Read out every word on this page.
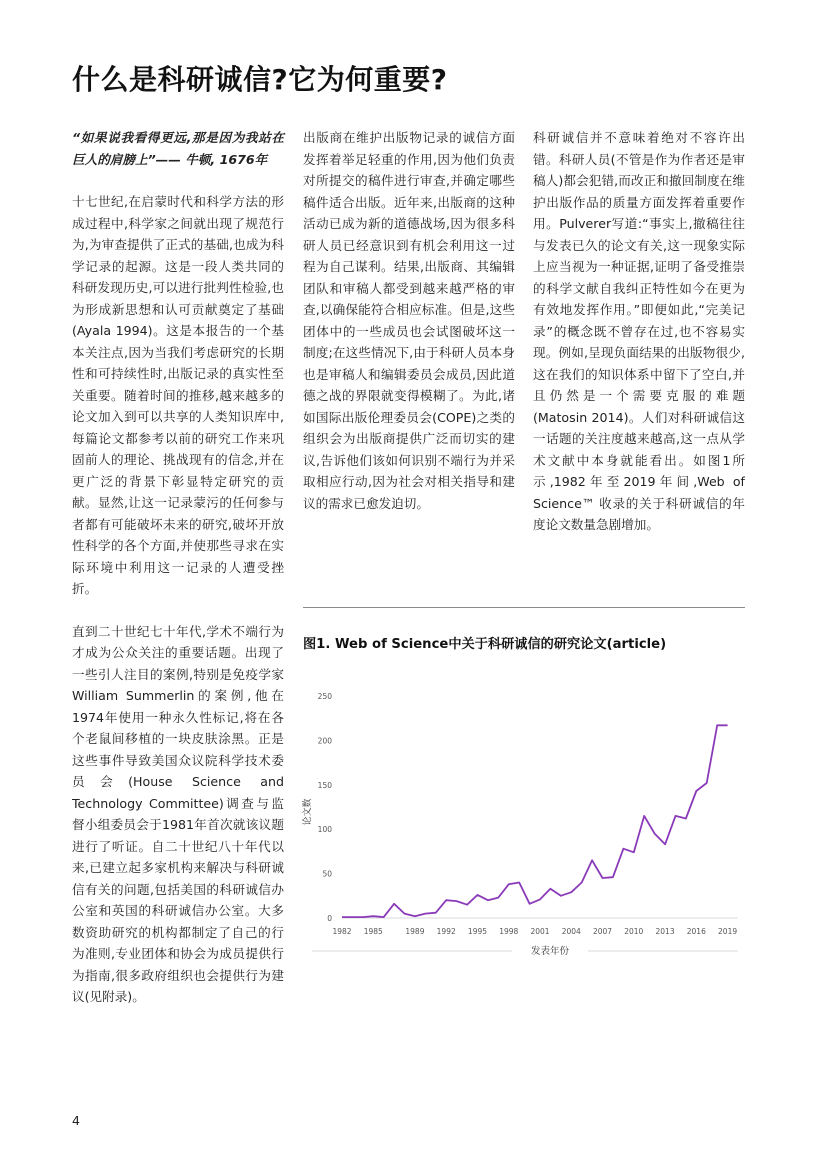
什么是科研诚信?它为何重要?

“如果说我看得更远,那是因为我站在巨人的肩膀上”—— 牛顿, 1676年

十七世纪,在启蒙时代和科学方法的形成过程中,科学家之间就出现了规范行为,为审查提供了正式的基础,也成为科学记录的起源。这是一段人类共同的科研发现历史,可以进行批判性检验,也为形成新思想和认可贡献奠定了基础(Ayala 1994)。这是本报告的一个基本关注点,因为当我们考虑研究的长期性和可持续性时,出版记录的真实性至关重要。随着时间的推移,越来越多的论文加入到可以共享的人类知识库中,每篇论文都参考以前的研究工作来巩固前人的理论、挑战现有的信念,并在更广泛的背景下彰显特定研究的贡献。显然,让这一记录蒙污的任何参与者都有可能破坏未来的研究,破坏开放性科学的各个方面,并使那些寻求在实际环境中利用这一记录的人遭受挫折。

直到二十世纪七十年代,学术不端行为才成为公众关注的重要话题。出现了一些引人注目的案例,特别是免疫学家William Summerlin的案例,他在1974年使用一种永久性标记,将在各个老鼠间移植的一块皮肤涂黑。正是这些事件导致美国众议院科学技术委员会(House Science and Technology Committee)调查与监督小组委员会于1981年首次就该议题进行了听证。自二十世纪八十年代以来,已建立起多家机构来解决与科研诚信有关的问题,包括美国的科研诚信办公室和英国的科研诚信办公室。大多数资助研究的机构都制定了自己的行为准则,专业团体和协会为成员提供行为指南,很多政府组织也会提供行为建议(见附录)。

出版商在维护出版物记录的诚信方面发挥着举足轻重的作用,因为他们负责对所提交的稿件进行审查,并确定哪些稿件适合出版。近年来,出版商的这种活动已成为新的道德战场,因为很多科研人员已经意识到有机会利用这一过程为自己谋利。结果,出版商、其编辑团队和审稿人都受到越来越严格的审查,以确保能符合相应标准。但是,这些团体中的一些成员也会试图破坏这一制度;在这些情况下,由于科研人员本身也是审稿人和编辑委员会成员,因此道德之战的界限就变得模糊了。为此,诸如国际出版伦理委员会(COPE)之类的组织会为出版商提供广泛而切实的建议,告诉他们该如何识别不端行为并采取相应行动,因为社会对相关指导和建议的需求已愈发迫切。

科研诚信并不意味着绝对不容许出错。科研人员(不管是作为作者还是审稿人)都会犯错,而改正和撤回制度在维护出版作品的质量方面发挥着重要作用。Pulverer写道:“事实上,撤稿往往与发表已久的论文有关,这一现象实际上应当视为一种证据,证明了备受推崇的科学文献自我纠正特性如今在更为有效地发挥作用。”即便如此,“完美记录”的概念既不曾存在过,也不容易实现。例如,呈现负面结果的出版物很少,这在我们的知识体系中留下了空白,并且仍然是一个需要克服的难题(Matosin 2014)。人们对科研诚信这一话题的关注度越来越高,这一点从学术文献中本身就能看出。如图1所示,1982年至2019年间,Web of Science™ 收录的关于科研诚信的年度论文数量急剧增加。

图1. Web of Science中关于科研诚信的研究论文(article)
0
50
100
150
200
250
1982 1985	1989 1992 1995 1998 2001 2004 2007 2010 2013 2016 2019
论文数
发表年份
4
